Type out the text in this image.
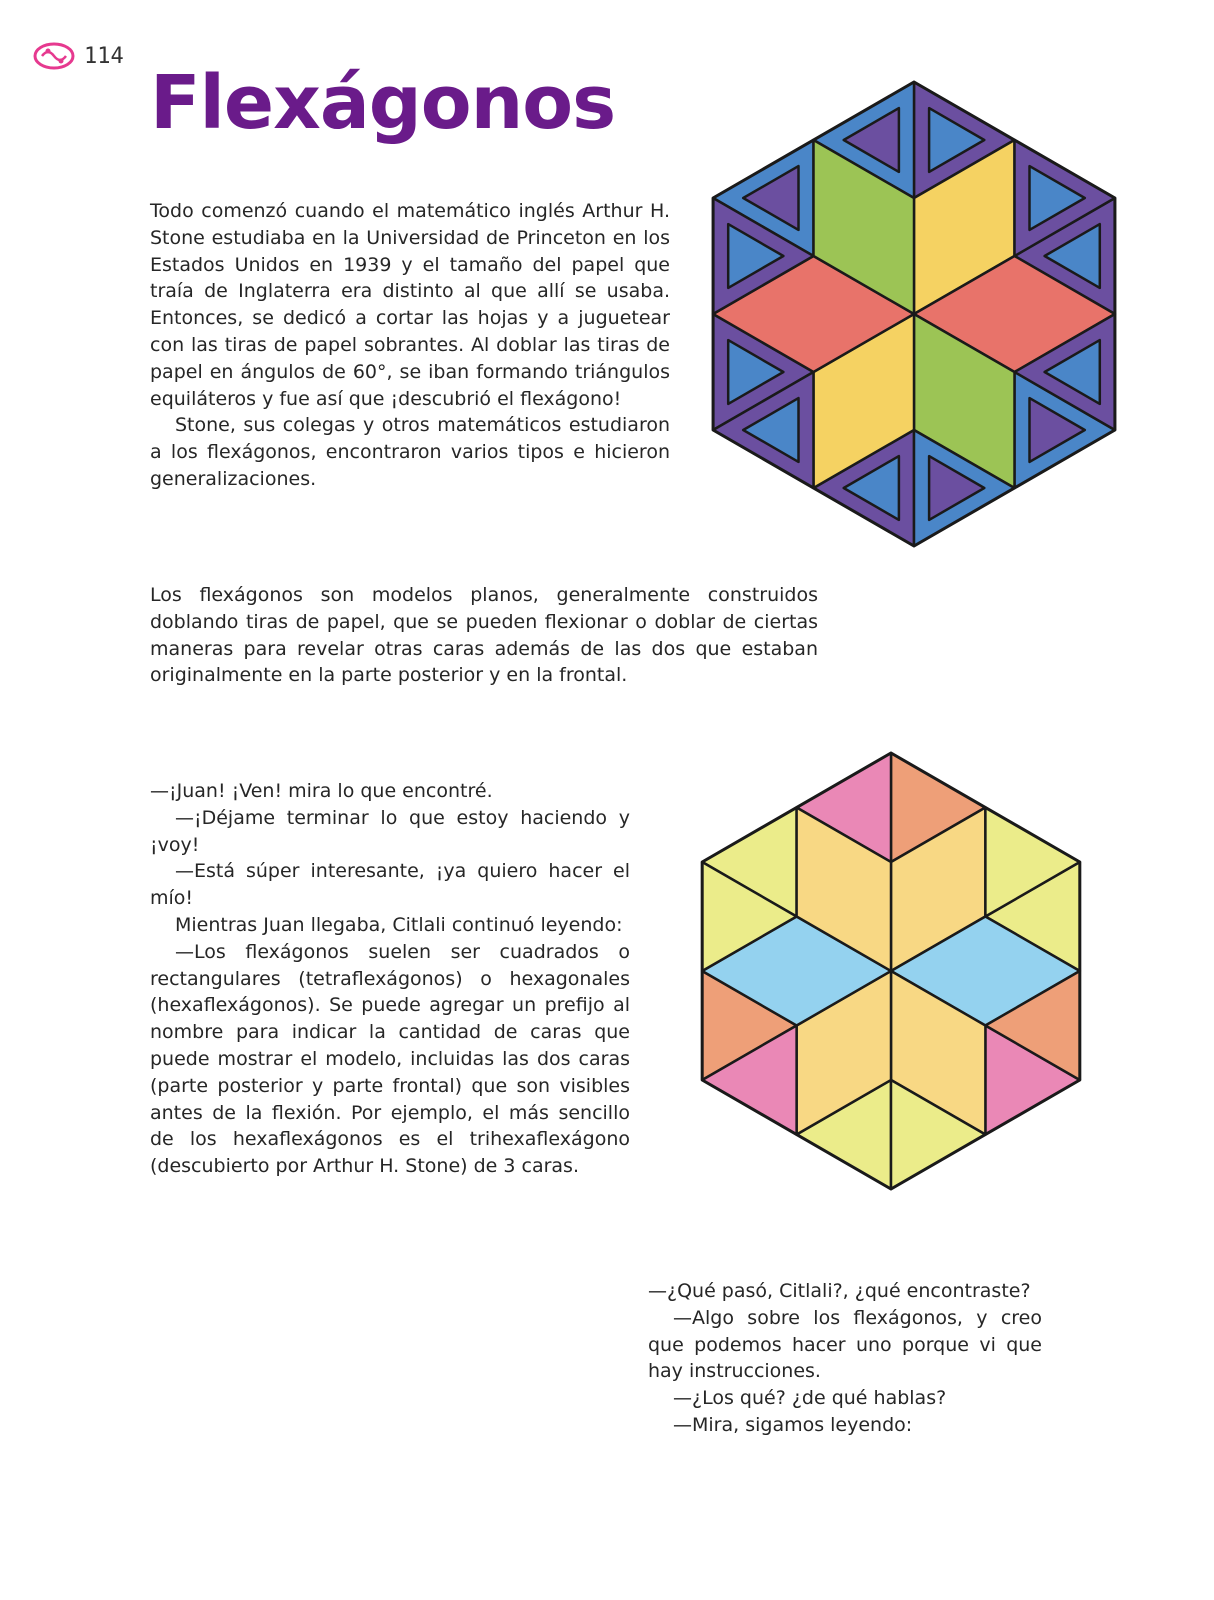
114
Flexágonos

Todo comenzó cuando el matemático inglés Arthur H. Stone estudiaba en la Universidad de Princeton en los Estados Unidos en 1939 y el tamaño del papel que traía de Inglaterra era distinto al que allí se usaba. Entonces, se dedicó a cortar las hojas y a juguetear con las tiras de papel sobrantes. Al doblar las tiras de papel en ángulos de 60°, se iban formando triángulos equiláteros y fue así que ¡descubrió el flexágono!

Stone, sus colegas y otros matemáticos estudiaron a los flexágonos, encontraron varios tipos e hicieron generalizaciones.

Los flexágonos son modelos planos, generalmente construidos doblando tiras de papel, que se pueden flexionar o doblar de ciertas maneras para revelar otras caras además de las dos que estaban originalmente en la parte posterior y en la frontal.

—¡Juan! ¡Ven! mira lo que encontré.

—¡Déjame terminar lo que estoy haciendo y ¡voy!

—Está súper interesante, ¡ya quiero hacer el mío!

Mientras Juan llegaba, Citlali continuó leyendo:

—Los flexágonos suelen ser cuadrados o rectangulares (tetraflexágonos) o hexagonales (hexaflexágonos). Se puede agregar un prefijo al nombre para indicar la cantidad de caras que puede mostrar el modelo, incluidas las dos caras (parte posterior y parte frontal) que son visibles antes de la flexión. Por ejemplo, el más sencillo de los hexaflexágonos es el trihexaflexágono (descubierto por Arthur H. Stone) de 3 caras.

—¿Qué pasó, Citlali?, ¿qué encontraste?

—Algo sobre los flexágonos, y creo que podemos hacer uno porque vi que hay instrucciones.

—¿Los qué? ¿de qué hablas?

—Mira, sigamos leyendo:
